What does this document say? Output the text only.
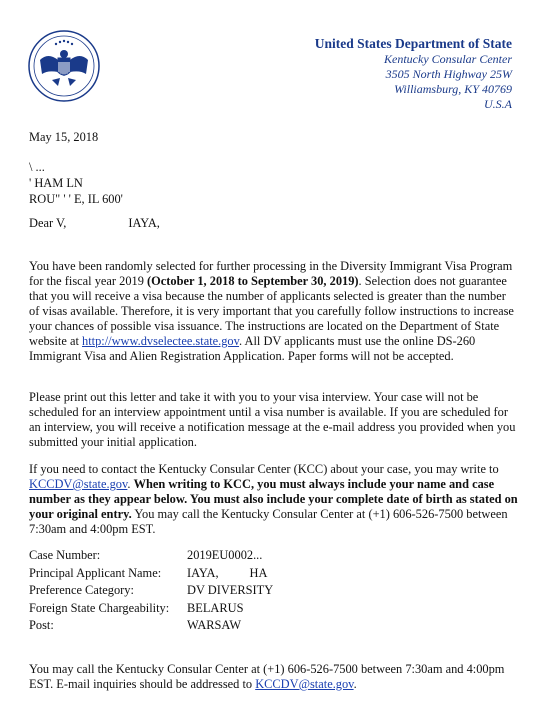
United States Department of State
Kentucky Consular Center
3505 North Highway 25W
Williamsburg, KY 40769
U.S.A
May 15, 2018
\ ...
' HAM LN
ROU" ' ' E, IL 600'
Dear V,                    IAYA,

You have been randomly selected for further processing in the Diversity Immigrant Visa Program for the fiscal year 2019 (October 1, 2018 to September 30, 2019). Selection does not guarantee that you will receive a visa because the number of applicants selected is greater than the number of visas available. Therefore, it is very important that you carefully follow instructions to increase your chances of possible visa issuance. The instructions are located on the Department of State website at http://www.dvselectee.state.gov. All DV applicants must use the online DS-260 Immigrant Visa and Alien Registration Application. Paper forms will not be accepted.

Please print out this letter and take it with you to your visa interview. Your case will not be scheduled for an interview appointment until a visa number is available. If you are scheduled for an interview, you will receive a notification message at the e-mail address you provided when you submitted your initial application.

If you need to contact the Kentucky Consular Center (KCC) about your case, you may write to KCCDV@state.gov. When writing to KCC, you must always include your name and case number as they appear below. You must also include your complete date of birth as stated on your original entry. You may call the Kentucky Consular Center at (+1) 606-526-7500 between 7:30am and 4:00pm EST.

Case Number:	2019EU0002...
Principal Applicant Name:	IAYA,          HA
Preference Category:	DV DIVERSITY
Foreign State Chargeability:	BELARUS
Post:	WARSAW

You may call the Kentucky Consular Center at (+1) 606-526-7500 between 7:30am and 4:00pm EST. E-mail inquiries should be addressed to KCCDV@state.gov.
